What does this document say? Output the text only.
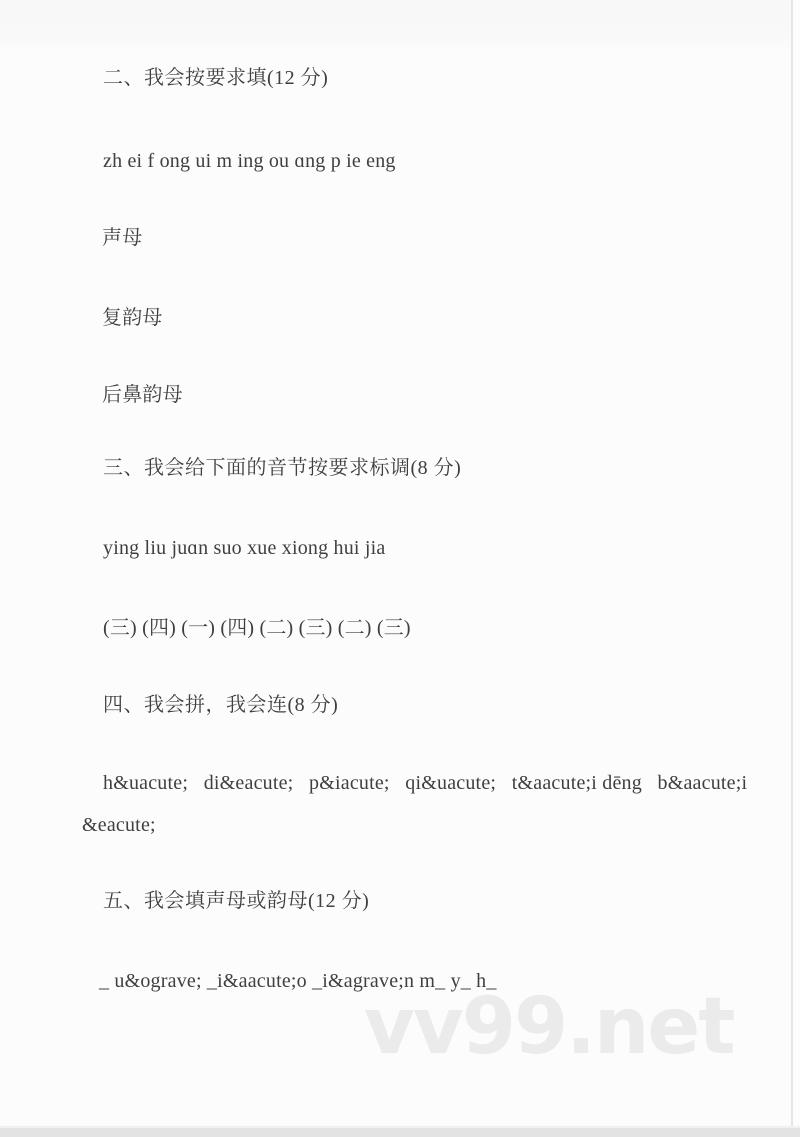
二、我会按要求填(12 分)
zh ei f ong ui m ing ou ɑng p ie eng
声母
复韵母
后鼻韵母
三、我会给下面的音节按要求标调(8 分)
ying liu juɑn suo xue xiong hui jia
(三) (四) (一) (四) (二) (三) (二) (三)
四、我会拼，我会连(8 分)
h&uacute;   di&eacute;   p&iacute;   qi&uacute;   t&aacute;i dēng   b&aacute;i
&eacute;
五、我会填声母或韵母(12 分)
_ u&ograve; _i&aacute;o _i&agrave;n m_ y_ h_
vv99.net
